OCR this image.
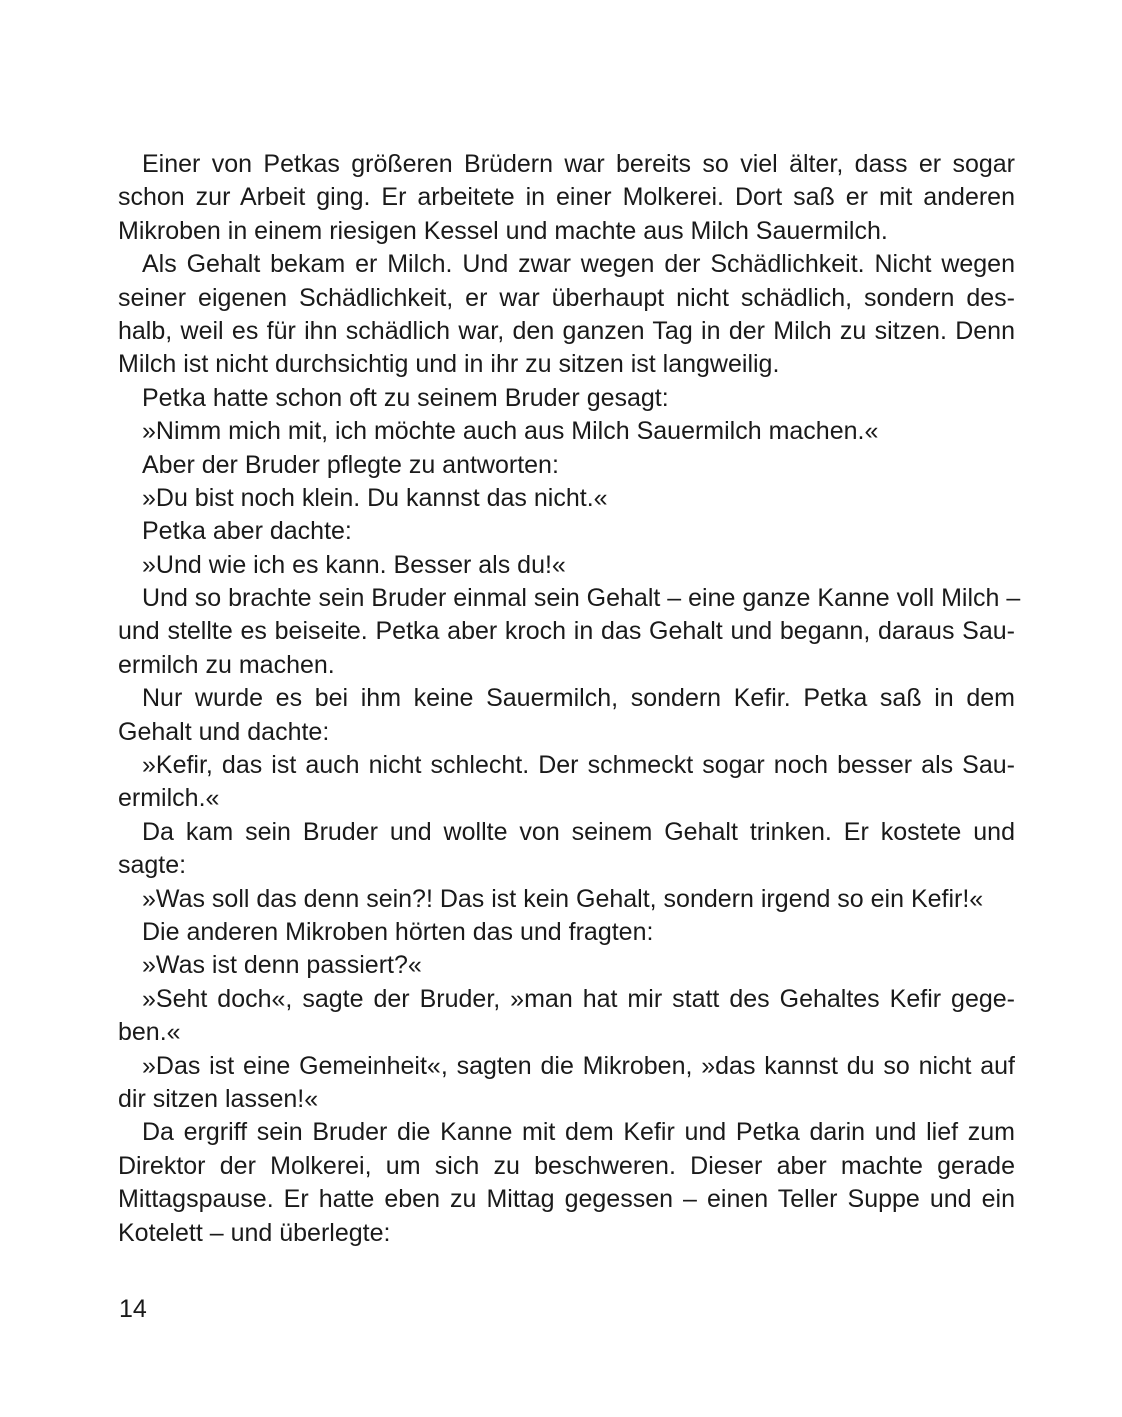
Einer von Petkas größeren Brüdern war bereits so viel älter, dass er sogar
schon zur Arbeit ging. Er arbeitete in einer Molkerei. Dort saß er mit anderen
Mikroben in einem riesigen Kessel und machte aus Milch Sauermilch.
Als Gehalt bekam er Milch. Und zwar wegen der Schädlichkeit. Nicht wegen
seiner eigenen Schädlichkeit, er war überhaupt nicht schädlich, sondern des-
halb, weil es für ihn schädlich war, den ganzen Tag in der Milch zu sitzen. Denn
Milch ist nicht durchsichtig und in ihr zu sitzen ist langweilig.
Petka hatte schon oft zu seinem Bruder gesagt:
»Nimm mich mit, ich möchte auch aus Milch Sauermilch machen.«
Aber der Bruder pflegte zu antworten:
»Du bist noch klein. Du kannst das nicht.«
Petka aber dachte:
»Und wie ich es kann. Besser als du!«
Und so brachte sein Bruder einmal sein Gehalt – eine ganze Kanne voll Milch –
und stellte es beiseite. Petka aber kroch in das Gehalt und begann, daraus Sau-
ermilch zu machen.
Nur wurde es bei ihm keine Sauermilch, sondern Kefir. Petka saß in dem
Gehalt und dachte:
»Kefir, das ist auch nicht schlecht. Der schmeckt sogar noch besser als Sau-
ermilch.«
Da kam sein Bruder und wollte von seinem Gehalt trinken. Er kostete und
sagte:
»Was soll das denn sein?! Das ist kein Gehalt, sondern irgend so ein Kefir!«
Die anderen Mikroben hörten das und fragten:
»Was ist denn passiert?«
»Seht doch«, sagte der Bruder, »man hat mir statt des Gehaltes Kefir gege-
ben.«
»Das ist eine Gemeinheit«, sagten die Mikroben, »das kannst du so nicht auf
dir sitzen lassen!«
Da ergriff sein Bruder die Kanne mit dem Kefir und Petka darin und lief zum
Direktor der Molkerei, um sich zu beschweren. Dieser aber machte gerade
Mittagspause. Er hatte eben zu Mittag gegessen – einen Teller Suppe und ein
Kotelett – und überlegte:
14
